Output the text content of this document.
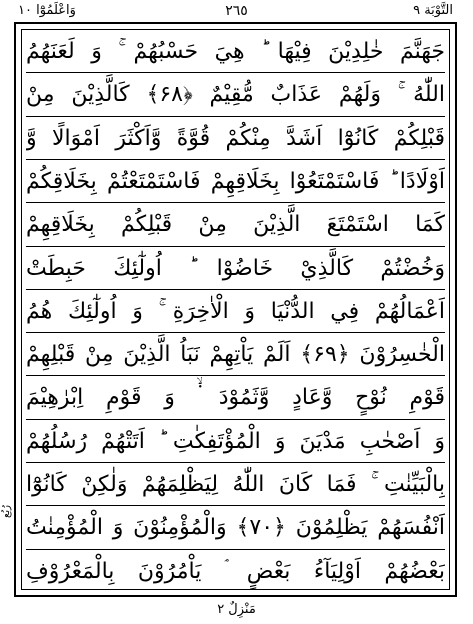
التَّوْبَة ٩
٢٦٥
وَاعْلَمُوْٓا ١٠
جَهَنَّمَ خٰلِدِيْنَ فِيْهَا ؕ هِيَ حَسْبُهُمْ ۚ وَ لَعَنَهُمُ
اللّٰهُ ۚ وَلَهُمْ عَذَابٌ مُّقِيْمٌ ﴿۶۸﴾ كَالَّذِيْنَ مِنْ
قَبْلِكُمْ كَانُوْٓا اَشَدَّ مِنْكُمْ قُوَّةً وَّاَكْثَرَ اَمْوَالًا وَّ
اَوْلَادًا ؕ فَاسْتَمْتَعُوْا بِخَلَاقِهِمْ فَاسْتَمْتَعْتُمْ بِخَلَاقِكُمْ
كَمَا اسْتَمْتَعَ الَّذِيْنَ مِنْ قَبْلِكُمْ بِخَلَاقِهِمْ
وَخُضْتُمْ كَالَّذِيْ خَاضُوْا ؕ اُولٰٓئِكَ حَبِطَتْ
اَعْمَالُهُمْ فِي الدُّنْيَا وَ الْاٰخِرَةِ ۚ وَ اُولٰٓئِكَ هُمُ
الْخٰسِرُوْنَ ﴿۶۹﴾ اَلَمْ يَاْتِهِمْ نَبَاُ الَّذِيْنَ مِنْ قَبْلِهِمْ
قَوْمِ نُوْحٍ وَّعَادٍ وَّثَمُوْدَ ۬ۙ وَ قَوْمِ اِبْرٰهِيْمَ
وَ اَصْحٰبِ مَدْيَنَ وَ الْمُؤْتَفِكٰتِ ؕ اَتَتْهُمْ رُسُلُهُمْ
بِالْبَيِّنٰتِ ۚ فَمَا كَانَ اللّٰهُ لِيَظْلِمَهُمْ وَلٰكِنْ كَانُوْٓا
اَنْفُسَهُمْ يَظْلِمُوْنَ ﴿۷۰﴾ وَالْمُؤْمِنُوْنَ وَ الْمُؤْمِنٰتُ
بَعْضُهُمْ اَوْلِيَآءُ بَعْضٍ ۘ يَاْمُرُوْنَ بِالْمَعْرُوْفِ
رُبُع
مَنْزِلٌ ٢
